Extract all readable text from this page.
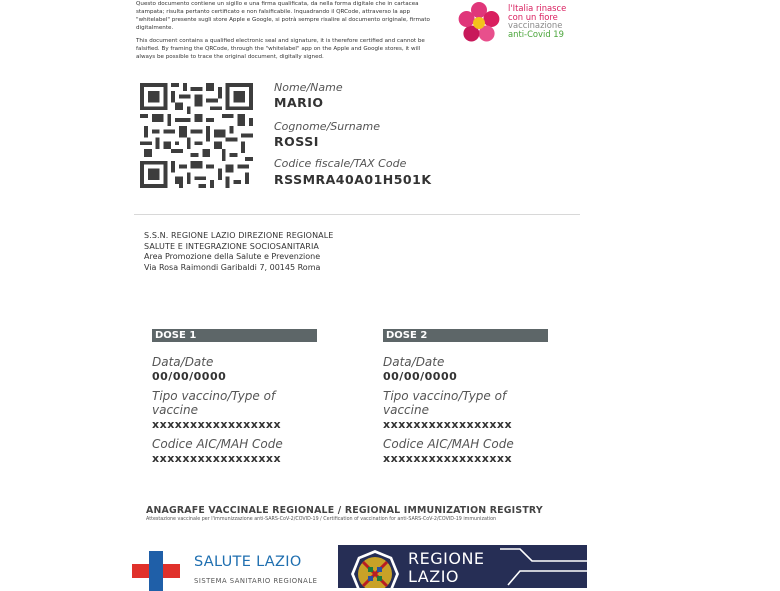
Questo documento contiene un sigillo e una firma qualificata, da nella forma digitale che in cartacea stampata; risulta pertanto certificato e non falsificabile. Inquadrando il QRCode, attraverso la app "whitelabel" presente sugli store Apple e Google, si potrà sempre risalire al documento originale, firmato digitalmente.

This document contains a qualified electronic seal and signature, it is therefore certified and cannot be falsified. By framing the QRCode, through the "whitelabel" app on the Apple and Google stores, it will always be possible to trace the original document, digitally signed.

l'Italia rinasce
con un fiore
vaccinazione
anti-Covid 19
Nome/Name
MARIO
Cognome/Surname
ROSSI
Codice fiscale/TAX Code
RSSMRA40A01H501K
S.S.N. REGIONE LAZIO DIREZIONE REGIONALE
SALUTE E INTEGRAZIONE SOCIOSANITARIA
Area Promozione della Salute e Prevenzione
Via Rosa Raimondi Garibaldi 7, 00145 Roma
DOSE 1
Data/Date
00/00/0000
Tipo vaccino/Type of vaccine
xxxxxxxxxxxxxxxxx
Codice AIC/MAH Code
xxxxxxxxxxxxxxxxx
DOSE 2
Data/Date
00/00/0000
Tipo vaccino/Type of vaccine
xxxxxxxxxxxxxxxxx
Codice AIC/MAH Code
xxxxxxxxxxxxxxxxx
ANAGRAFE VACCINALE REGIONALE / REGIONAL IMMUNIZATION REGISTRY
Attestazione vaccinale per l'immunizzazione anti-SARS-CoV-2/COVID-19 / Certification of vaccination for anti-SARS-CoV-2/COVID-19 immunization
SALUTE LAZIO
SISTEMA SANITARIO REGIONALE
REGIONE
LAZIO
